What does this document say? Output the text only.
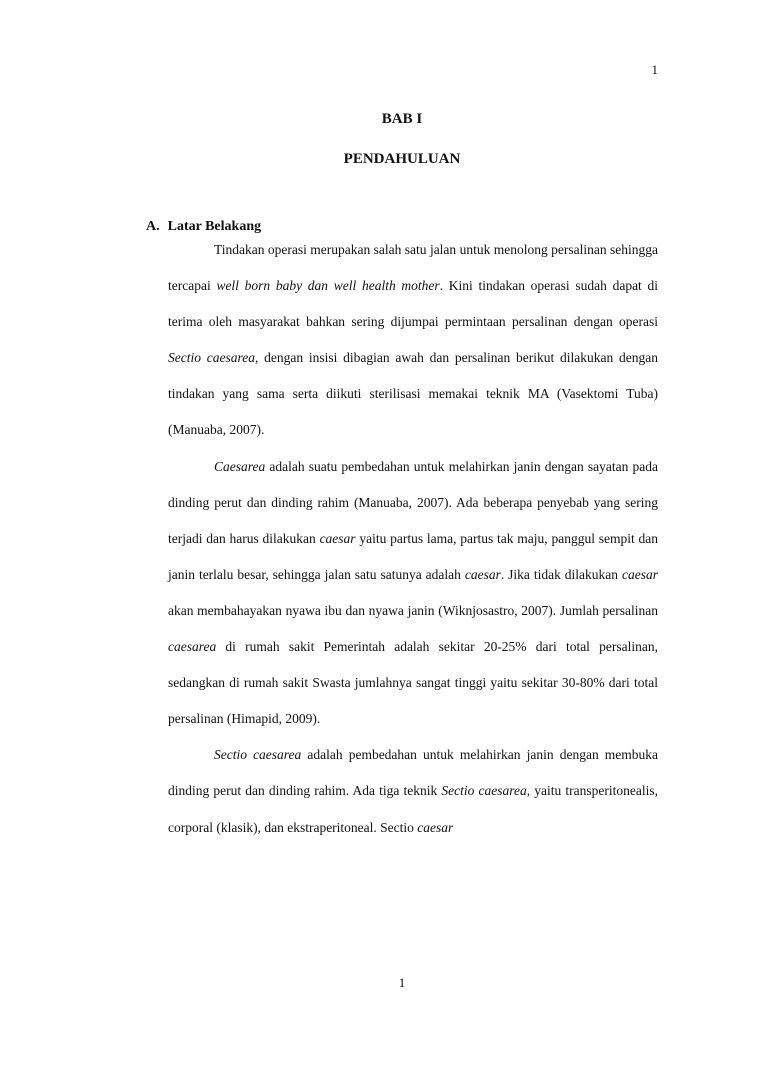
1
BAB I
PENDAHULUAN
A. Latar Belakang

Tindakan operasi merupakan salah satu jalan untuk menolong persalinan sehingga tercapai well born baby dan well health mother. Kini tindakan operasi sudah dapat di terima oleh masyarakat bahkan sering dijumpai permintaan persalinan dengan operasi Sectio caesarea, dengan insisi dibagian awah dan persalinan berikut dilakukan dengan tindakan yang sama serta diikuti sterilisasi memakai teknik MA (Vasektomi Tuba) (Manuaba, 2007).

Caesarea adalah suatu pembedahan untuk melahirkan janin dengan sayatan pada dinding perut dan dinding rahim (Manuaba, 2007). Ada beberapa penyebab yang sering terjadi dan harus dilakukan caesar yaitu partus lama, partus tak maju, panggul sempit dan janin terlalu besar, sehingga jalan satu satunya adalah caesar. Jika tidak dilakukan caesar akan membahayakan nyawa ibu dan nyawa janin (Wiknjosastro, 2007). Jumlah persalinan caesarea di rumah sakit Pemerintah adalah sekitar 20-25% dari total persalinan, sedangkan di rumah sakit Swasta jumlahnya sangat tinggi yaitu sekitar 30-80% dari total persalinan (Himapid, 2009).

Sectio caesarea adalah pembedahan untuk melahirkan janin dengan membuka dinding perut dan dinding rahim. Ada tiga teknik Sectio caesarea, yaitu transperitonealis, corporal (klasik), dan ekstraperitoneal. Sectio caesar

1
